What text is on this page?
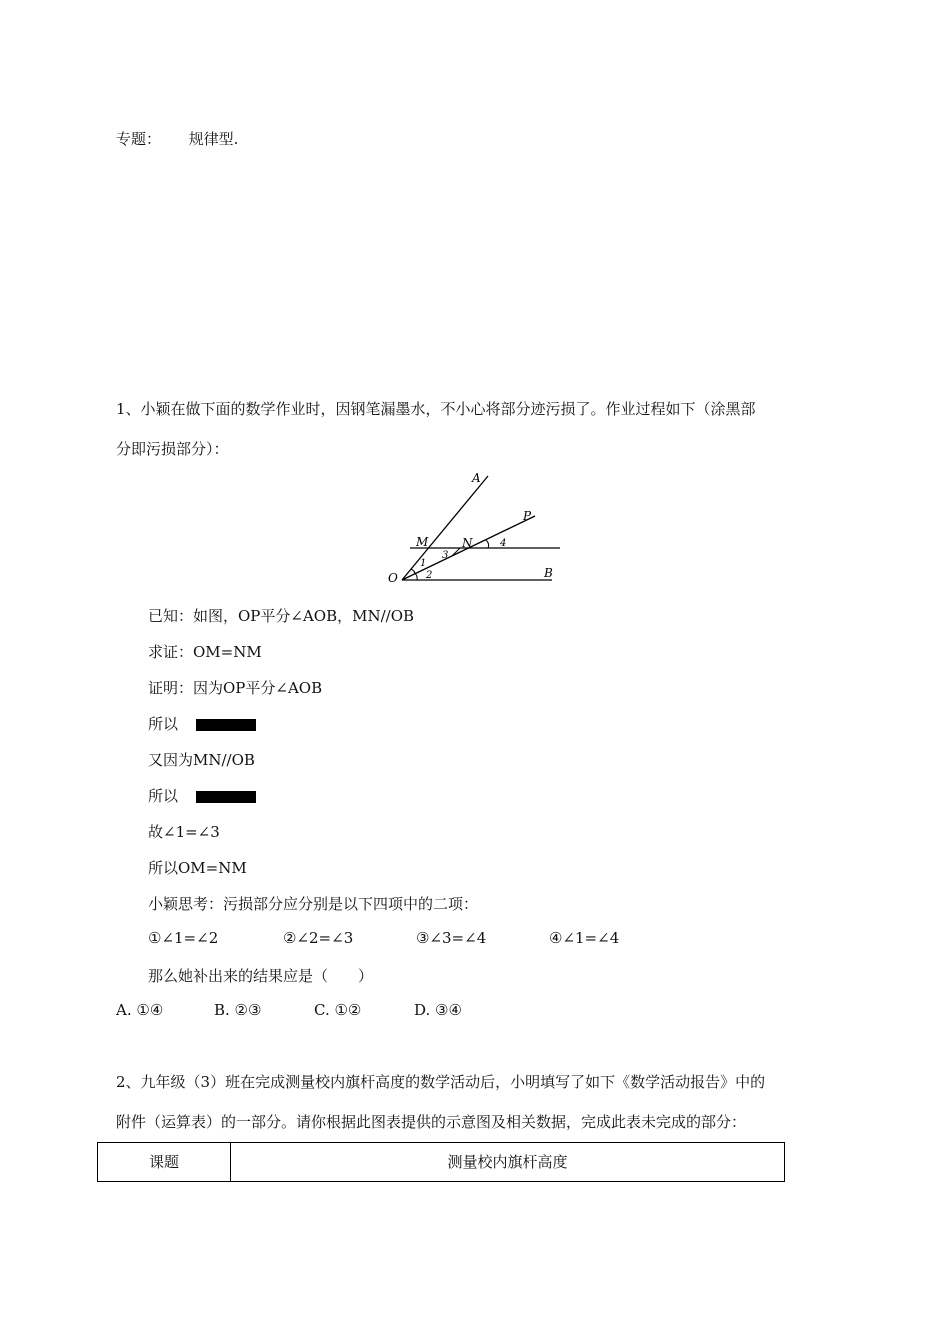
专题： 规律型.
1、小颖在做下面的数学作业时，因钢笔漏墨水，不小心将部分迹污损了。作业过程如下（涂黑部
分即污损部分）：
A
P
M	N
O	B
1
2
3
4
已知：如图，OP平分∠AOB，MN//OB
求证：OM=NM
证明：因为OP平分∠AOB
所以
又因为MN//OB
所以
故∠1=∠3
所以OM=NM
小颖思考：污损部分应分别是以下四项中的二项：
①∠1=∠2	②∠2=∠3	③∠3=∠4	④∠1=∠4
那么她补出来的结果应是（　　）
A. ①④	B. ②③	C. ①②	D. ③④
2、九年级（3）班在完成测量校内旗杆高度的数学活动后，小明填写了如下《数学活动报告》中的
附件（运算表）的一部分。请你根据此图表提供的示意图及相关数据，完成此表未完成的部分：
课题	测量校内旗杆高度
